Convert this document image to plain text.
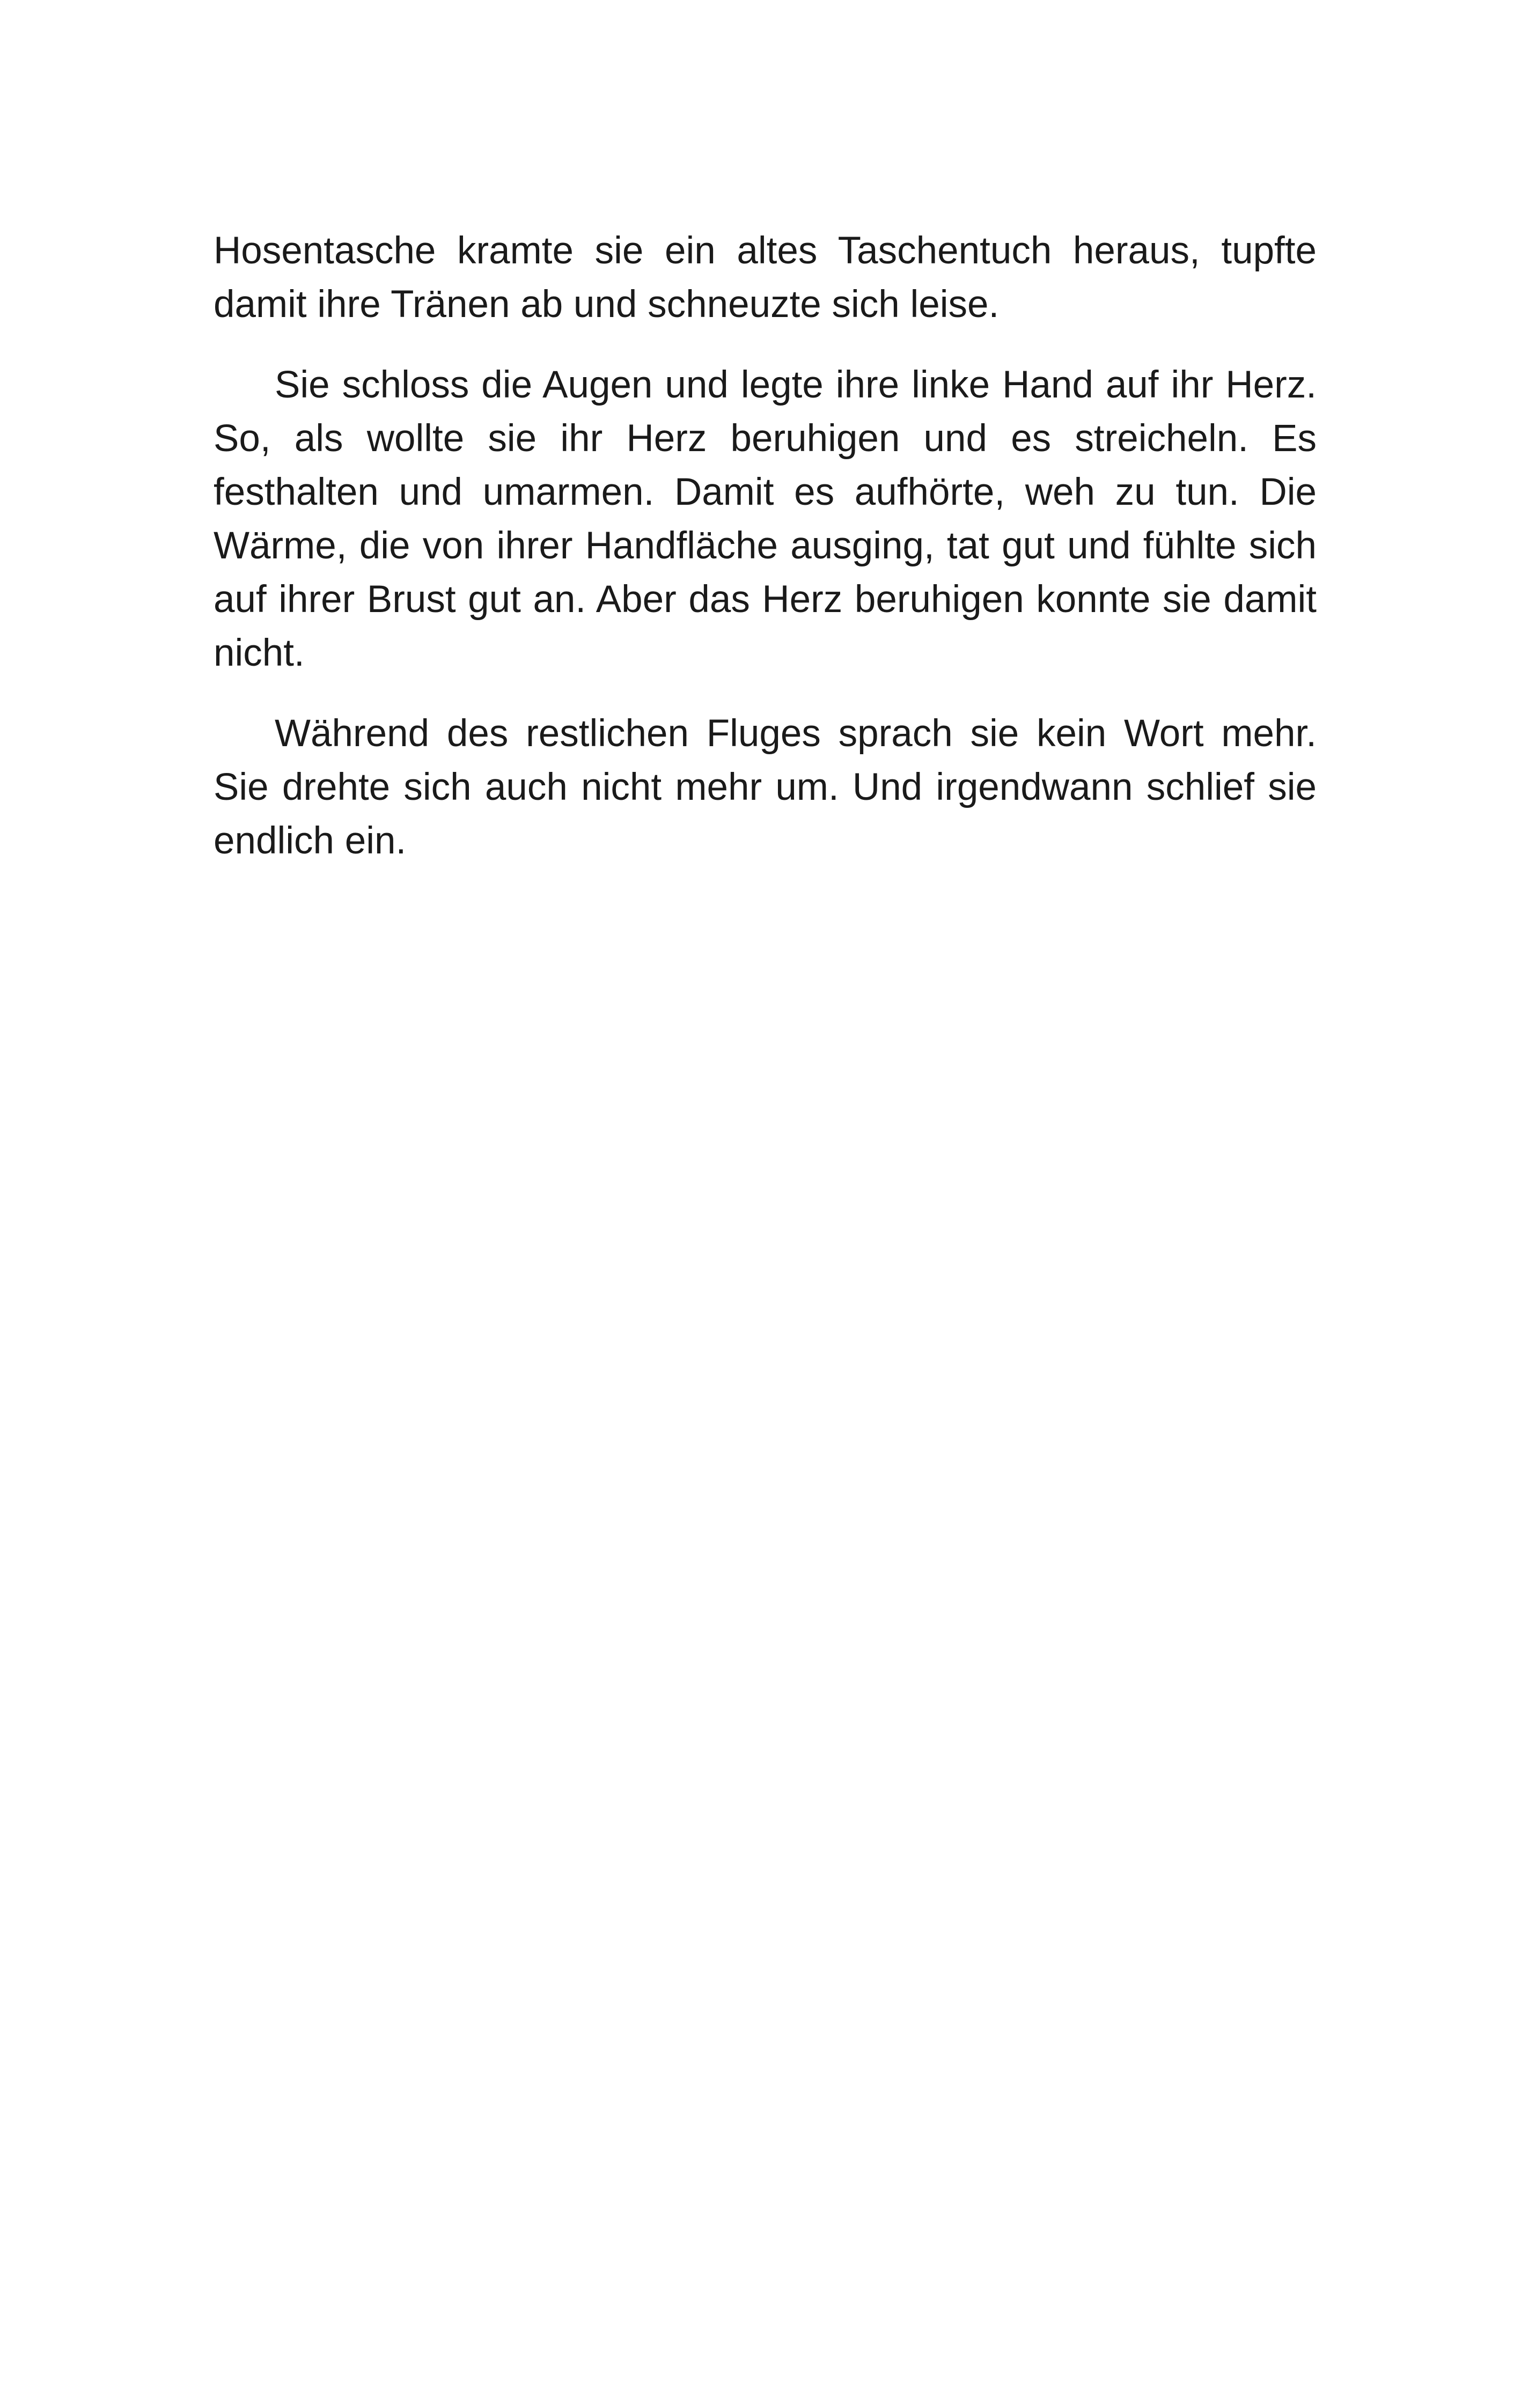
Hosentasche kramte sie ein altes Taschentuch heraus, tupfte damit ihre Tränen ab und schneuzte sich leise.

Sie schloss die Augen und legte ihre linke Hand auf ihr Herz. So, als wollte sie ihr Herz beruhigen und es streicheln. Es festhalten und umarmen. Damit es aufhörte, weh zu tun. Die Wärme, die von ihrer Handfläche ausging, tat gut und fühlte sich auf ihrer Brust gut an. Aber das Herz beruhigen konnte sie damit nicht.

Während des restlichen Fluges sprach sie kein Wort mehr. Sie drehte sich auch nicht mehr um. Und irgendwann schlief sie endlich ein.
